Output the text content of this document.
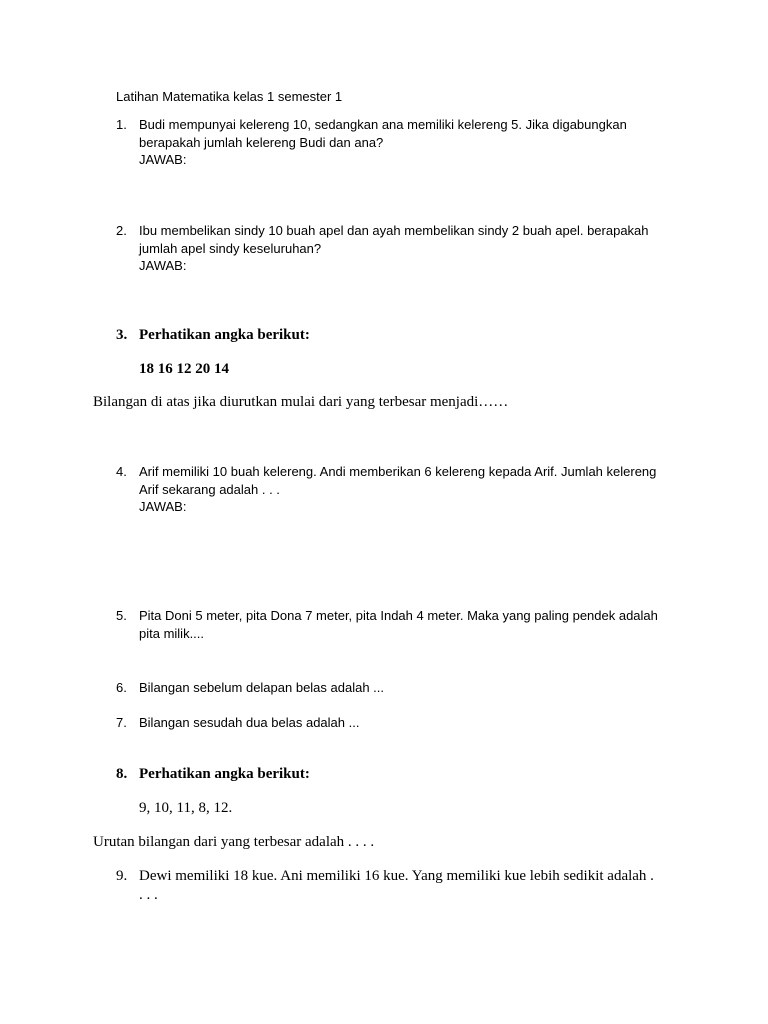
Latihan Matematika kelas 1 semester 1
1. Budi mempunyai kelereng 10, sedangkan ana memiliki kelereng 5. Jika digabungkan
berapakah jumlah kelereng Budi dan ana?
JAWAB:
2. Ibu membelikan sindy 10 buah apel dan ayah membelikan sindy 2 buah apel. berapakah
jumlah apel sindy keseluruhan?
JAWAB:
3. Perhatikan angka berikut:
18 16 12 20 14
Bilangan di atas jika diurutkan mulai dari yang terbesar menjadi……
4. Arif memiliki 10 buah kelereng. Andi memberikan 6 kelereng kepada Arif. Jumlah kelereng
Arif sekarang adalah . . .
JAWAB:
5. Pita Doni 5 meter, pita Dona 7 meter, pita Indah 4 meter. Maka yang paling pendek adalah
pita milik....
6. Bilangan sebelum delapan belas adalah ...
7. Bilangan sesudah dua belas adalah ...
8. Perhatikan angka berikut:
9, 10, 11, 8, 12.
Urutan bilangan dari yang terbesar adalah . . . .
9. Dewi memiliki 18 kue. Ani memiliki 16 kue. Yang memiliki kue lebih sedikit adalah .
. . .
